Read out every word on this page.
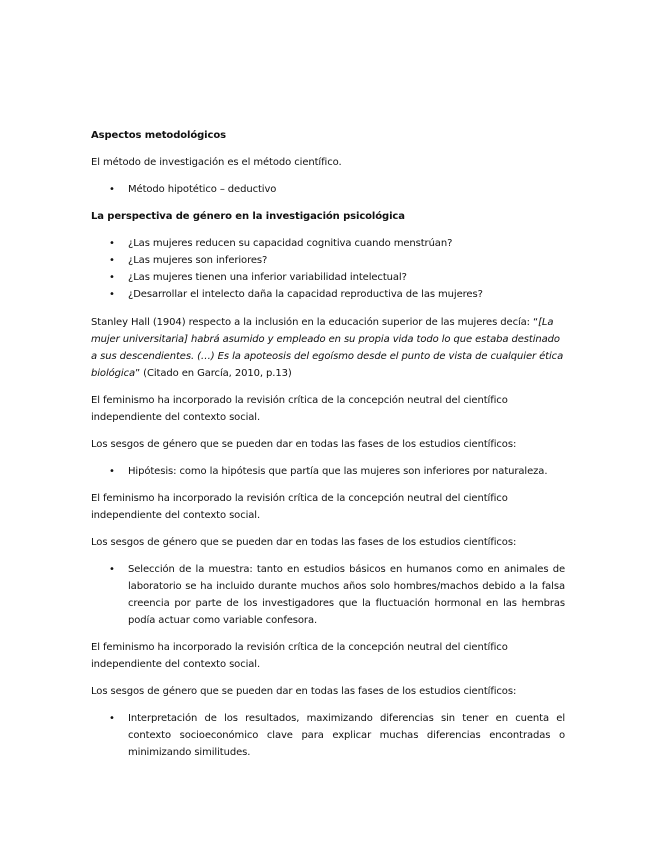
Aspectos metodológicos

El método de investigación es el método científico.

• Método hipotético – deductivo

La perspectiva de género en la investigación psicológica

• ¿Las mujeres reducen su capacidad cognitiva cuando menstrúan?
• ¿Las mujeres son inferiores?
• ¿Las mujeres tienen una inferior variabilidad intelectual?
• ¿Desarrollar el intelecto daña la capacidad reproductiva de las mujeres?

Stanley Hall (1904) respecto a la inclusión en la educación superior de las mujeres decía: “[La mujer universitaria] habrá asumido y empleado en su propia vida todo lo que estaba destinado a sus descendientes. (…) Es la apoteosis del egoísmo desde el punto de vista de cualquier ética biológica” (Citado en García, 2010, p.13)

El feminismo ha incorporado la revisión crítica de la concepción neutral del científico independiente del contexto social.

Los sesgos de género que se pueden dar en todas las fases de los estudios científicos:

• Hipótesis: como la hipótesis que partía que las mujeres son inferiores por naturaleza.

El feminismo ha incorporado la revisión crítica de la concepción neutral del científico independiente del contexto social.

Los sesgos de género que se pueden dar en todas las fases de los estudios científicos:

• Selección de la muestra: tanto en estudios básicos en humanos como en animales de laboratorio se ha incluido durante muchos años solo hombres/machos debido a la falsa creencia por parte de los investigadores que la fluctuación hormonal en las hembras podía actuar como variable confesora.

El feminismo ha incorporado la revisión crítica de la concepción neutral del científico independiente del contexto social.

Los sesgos de género que se pueden dar en todas las fases de los estudios científicos:

• Interpretación de los resultados, maximizando diferencias sin tener en cuenta el contexto socioeconómico clave para explicar muchas diferencias encontradas o minimizando similitudes.
